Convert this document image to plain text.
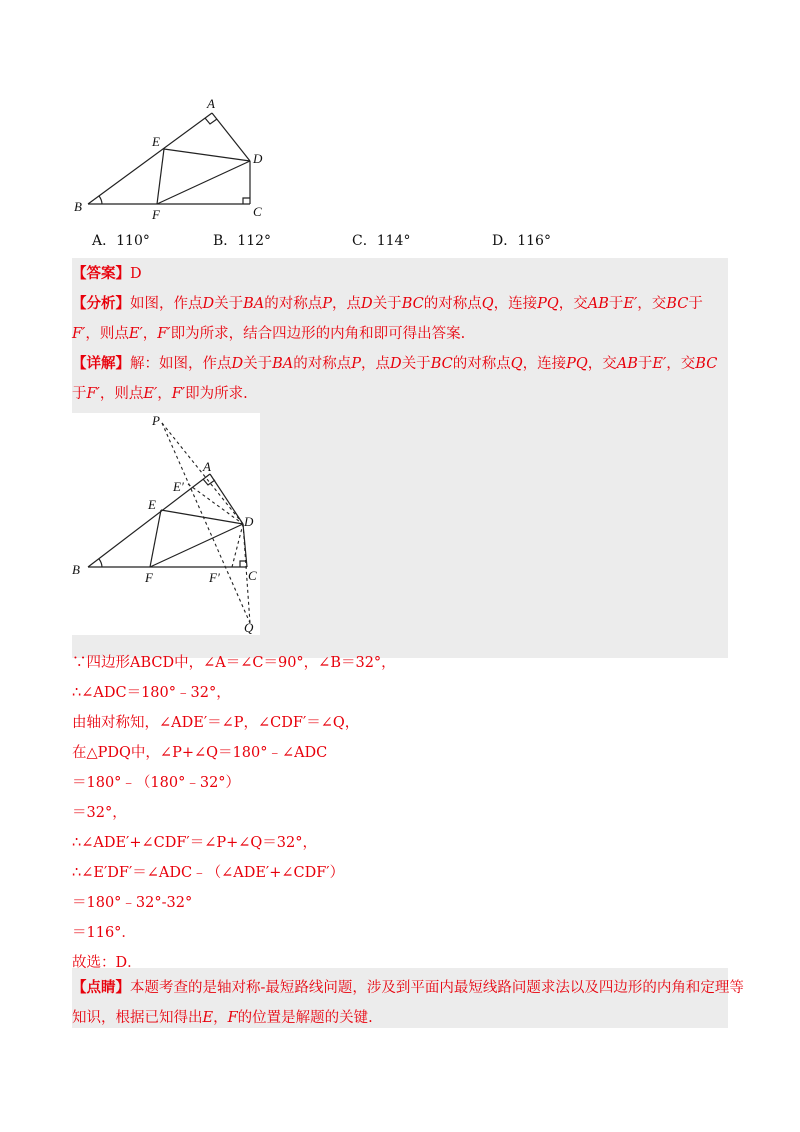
A
E
D
B
F	C
A．110°	B．112°	C．114°	D．116°
【答案】D
【分析】如图，作点D关于BA的对称点P，点D关于BC的对称点Q，连接PQ，交AB于E′，交BC于
F′，则点E′，F′即为所求，结合四边形的内角和即可得出答案.
【详解】解：如图，作点D关于BA的对称点P，点D关于BC的对称点Q，连接PQ，交AB于E′，交BC
于F′，则点E′，F′即为所求.
P
A
E′
E
D
B
F	F′ C
Q
∵四边形ABCD中，∠A＝∠C＝90°，∠B＝32°，
∴∠ADC＝180°﹣32°，
由轴对称知，∠ADE′＝∠P，∠CDF′＝∠Q，
在△PDQ中，∠P+∠Q＝180°﹣∠ADC
＝180°﹣（180°﹣32°）
＝32°，
∴∠ADE′+∠CDF′＝∠P+∠Q＝32°，
∴∠E′DF′＝∠ADC﹣（∠ADE′+∠CDF′）
＝180°﹣32°-32°
＝116°．
故选：D．
【点睛】本题考查的是轴对称-最短路线问题，涉及到平面内最短线路问题求法以及四边形的内角和定理等
知识，根据已知得出E，F的位置是解题的关键.
